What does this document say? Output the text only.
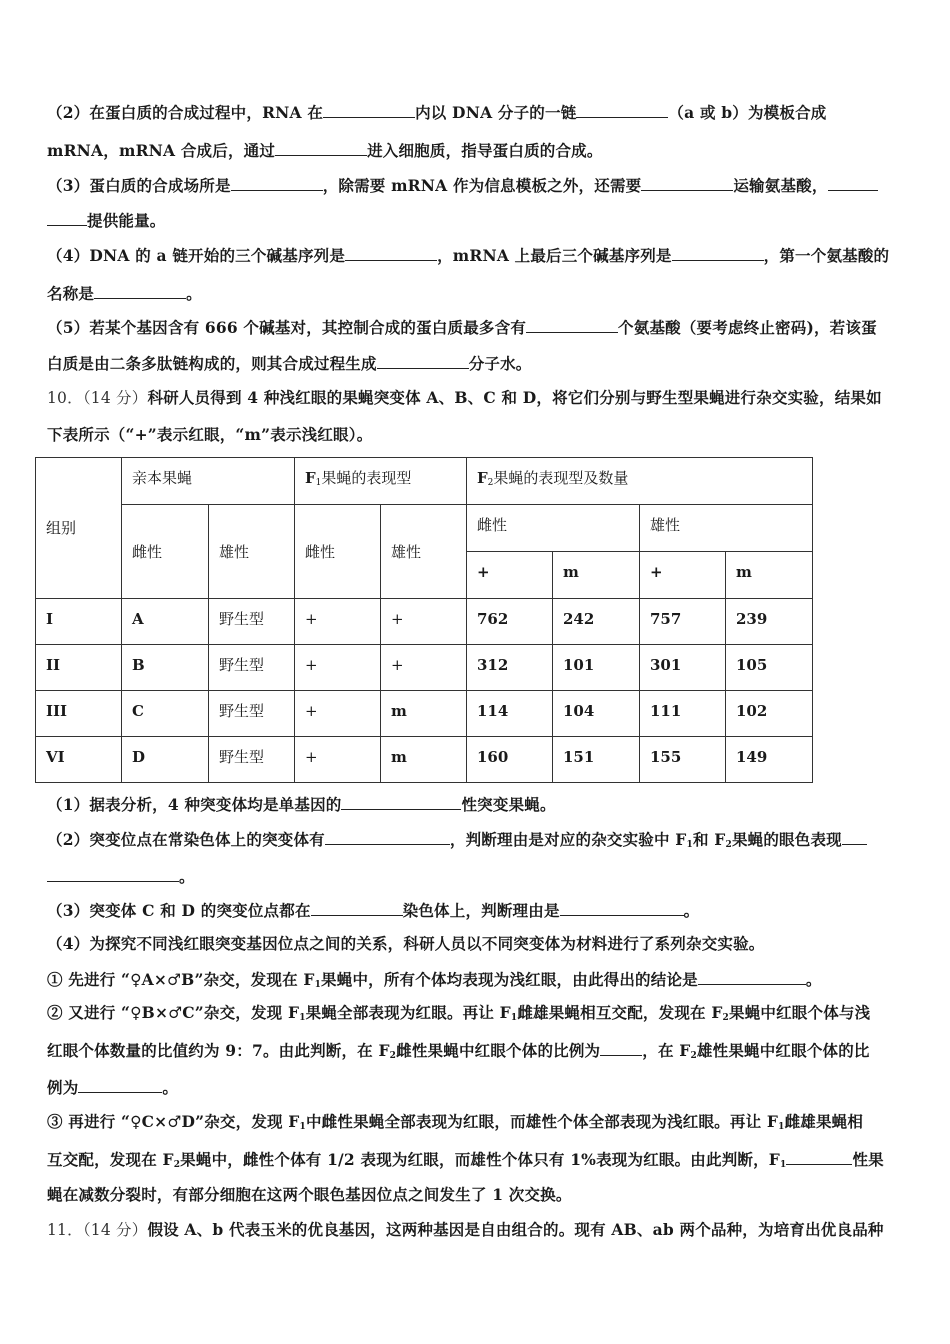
（2）在蛋白质的合成过程中，RNA 在	内以 DNA 分子的一链	（a 或 b）为模板合成
mRNA，mRNA 合成后，通过	进入细胞质，指导蛋白质的合成。
（3）蛋白质的合成场所是	，除需要 mRNA 作为信息模板之外，还需要	运输氨基酸，
提供能量。
（4）DNA 的 a 链开始的三个碱基序列是	，mRNA 上最后三个碱基序列是	，第一个氨基酸的
名称是	。
（5）若某个基因含有 666 个碱基对，其控制合成的蛋白质最多含有	个氨基酸（要考虑终止密码)，若该蛋
白质是由二条多肽链构成的，则其合成过程生成	分子水。
10．（14 分）科研人员得到 4 种浅红眼的果蝇突变体 A、B、C 和 D，将它们分别与野生型果蝇进行杂交实验，结果如
下表所示（“+”表示红眼，“m”表示浅红眼）。
组别	亲本果蝇		$F_1$果蝇的表现型		$F_2$果蝇的表现型及数量			
	雌性	雄性	雌性	雄性	雌性		雄性	
					+	m	+	m
I	A	野生型	+	+	762	242	757	239
II	B	野生型	+	+	312	101	301	105
III	C	野生型	+	m	114	104	111	102
VI	D	野生型	+	m	160	151	155	149
（1）据表分析，4 种突变体均是单基因的	性突变果蝇。
（2）突变位点在常染色体上的突变体有	，判断理由是对应的杂交实验中 $F_1$和 $F_2$果蝇的眼色表现
。
（3）突变体 C 和 D 的突变位点都在	染色体上，判断理由是	。
（4）为探究不同浅红眼突变基因位点之间的关系，科研人员以不同突变体为材料进行了系列杂交实验。
① 先进行 “♀A×♂B”杂交，发现在 $F_1$果蝇中，所有个体均表现为浅红眼，由此得出的结论是	。
② 又进行 “♀B×♂C”杂交，发现 $F_1$果蝇全部表现为红眼。再让 $F_1$雌雄果蝇相互交配，发现在 $F_2$果蝇中红眼个体与浅
红眼个体数量的比值约为 9：7。由此判断，在 $F_2$雌性果蝇中红眼个体的比例为	，在 $F_2$雄性果蝇中红眼个体的比
例为	。
③ 再进行 “♀C×♂D”杂交，发现 $F_1$中雌性果蝇全部表现为红眼，而雄性个体全部表现为浅红眼。再让 $F_1$雌雄果蝇相
互交配，发现在 $F_2$果蝇中，雌性个体有 1/2 表现为红眼，而雄性个体只有 1%表现为红眼。由此判断，$F_1$	性果
蝇在减数分裂时，有部分细胞在这两个眼色基因位点之间发生了 1 次交换。
11．（14 分）假设 A、b 代表玉米的优良基因，这两种基因是自由组合的。现有 AB、ab 两个品种，为培育出优良品种
